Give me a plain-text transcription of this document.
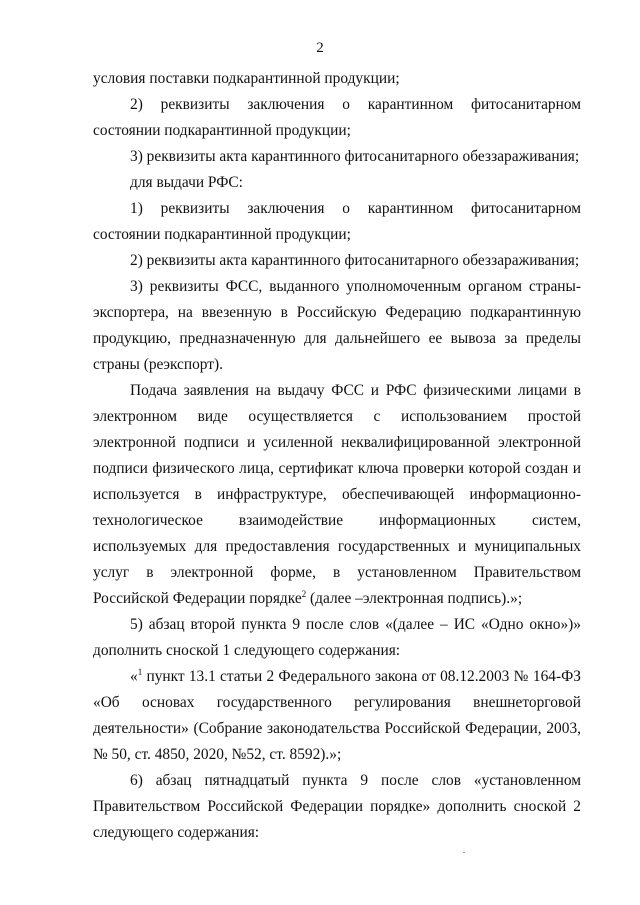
2

условия поставки подкарантинной продукции;

2) реквизиты заключения о карантинном фитосанитарном состоянии подкарантинной продукции;

3) реквизиты акта карантинного фитосанитарного обеззараживания;

для выдачи РФС:

1) реквизиты заключения о карантинном фитосанитарном состоянии подкарантинной продукции;

2) реквизиты акта карантинного фитосанитарного обеззараживания;

3) реквизиты ФСС, выданного уполномоченным органом страны-экспортера, на ввезенную в Российскую Федерацию подкарантинную продукцию, предназначенную для дальнейшего ее вывоза за пределы страны (реэкспорт).

Подача заявления на выдачу ФСС и РФС физическими лицами в электронном виде осуществляется с использованием простой электронной подписи и усиленной неквалифицированной электронной подписи физического лица, сертификат ключа проверки которой создан и используется в инфраструктуре, обеспечивающей информационно-технологическое взаимодействие информационных систем, используемых для предоставления государственных и муниципальных услуг в электронной форме, в установленном Правительством Российской Федерации порядке$^2$ (далее –электронная подпись).»;

5) абзац второй пункта 9 после слов «(далее – ИС «Одно окно»)» дополнить сноской 1 следующего содержания:

«$^1$ пункт 13.1 статьи 2 Федерального закона от 08.12.2003 № 164-ФЗ «Об основах государственного регулирования внешнеторговой деятельности» (Собрание законодательства Российской Федерации, 2003, № 50, ст. 4850, 2020, №52, ст. 8592).»;

6) абзац пятнадцатый пункта 9 после слов «установленном Правительством Российской Федерации порядке» дополнить сноской 2 следующего содержания:
